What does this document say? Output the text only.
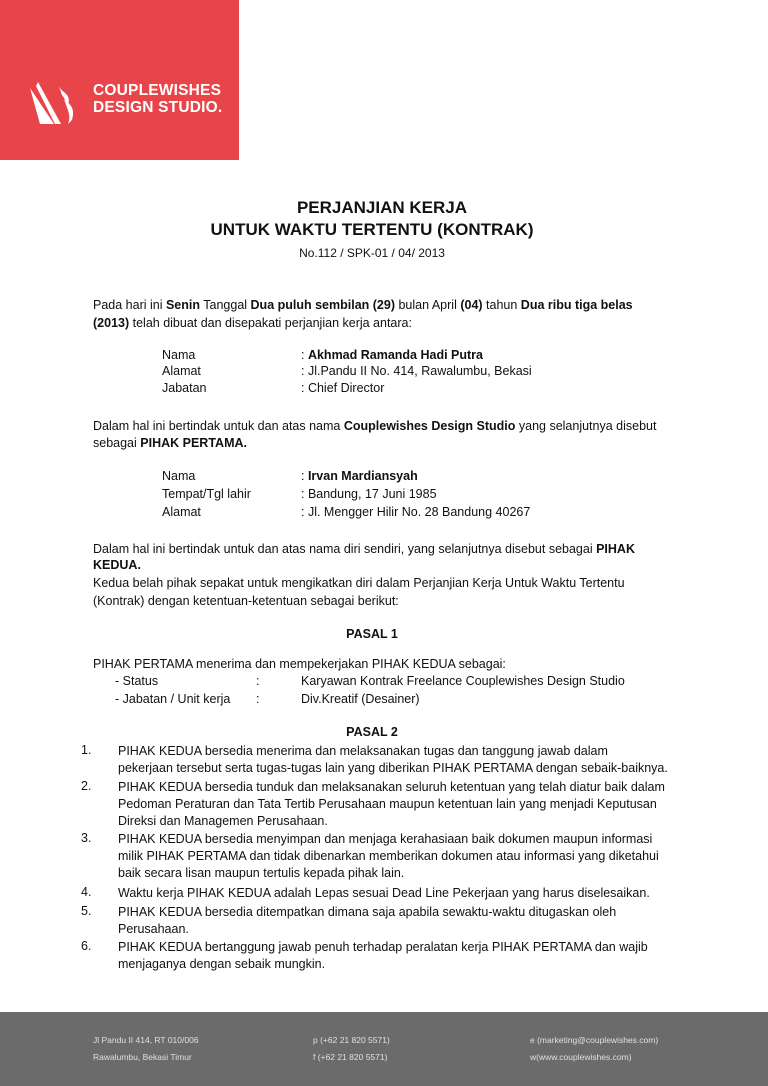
COUPLEWISHES
DESIGN STUDIO.
PERJANJIAN KERJA
UNTUK WAKTU TERTENTU (KONTRAK)
No.112 / SPK-01 / 04/ 2013
Pada hari ini Senin Tanggal Dua puluh sembilan (29) bulan April (04) tahun Dua ribu tiga belas
(2013) telah dibuat dan disepakati perjanjian kerja antara:
Nama	: Akhmad Ramanda Hadi Putra
Alamat	: Jl.Pandu II No. 414, Rawalumbu, Bekasi
Jabatan	: Chief Director
Dalam hal ini bertindak untuk dan atas nama Couplewishes Design Studio yang selanjutnya disebut
sebagai PIHAK PERTAMA.
Nama	: Irvan Mardiansyah
Tempat/Tgl lahir	: Bandung, 17 Juni 1985
Alamat	: Jl. Mengger Hilir No. 28 Bandung 40267
Dalam hal ini bertindak untuk dan atas nama diri sendiri, yang selanjutnya disebut sebagai PIHAK
KEDUA.
Kedua belah pihak sepakat untuk mengikatkan diri dalam Perjanjian Kerja Untuk Waktu Tertentu
(Kontrak) dengan ketentuan-ketentuan sebagai berikut:
PASAL 1
PIHAK PERTAMA menerima dan mempekerjakan PIHAK KEDUA sebagai:
- Status	:	Karyawan Kontrak Freelance Couplewishes Design Studio
- Jabatan / Unit kerja :	Div.Kreatif (Desainer)
PASAL 2
1. PIHAK KEDUA bersedia menerima dan melaksanakan tugas dan tanggung jawab dalam
pekerjaan tersebut serta tugas-tugas lain yang diberikan PIHAK PERTAMA dengan sebaik-baiknya.
2. PIHAK KEDUA bersedia tunduk dan melaksanakan seluruh ketentuan yang telah diatur baik dalam
Pedoman Peraturan dan Tata Tertib Perusahaan maupun ketentuan lain yang menjadi Keputusan
Direksi dan Managemen Perusahaan.
3. PIHAK KEDUA bersedia menyimpan dan menjaga kerahasiaan baik dokumen maupun informasi
milik PIHAK PERTAMA dan tidak dibenarkan memberikan dokumen atau informasi yang diketahui
baik secara lisan maupun tertulis kepada pihak lain.
4. Waktu kerja PIHAK KEDUA adalah Lepas sesuai Dead Line Pekerjaan yang harus diselesaikan.
5. PIHAK KEDUA bersedia ditempatkan dimana saja apabila sewaktu-waktu ditugaskan oleh
Perusahaan.
6. PIHAK KEDUA bertanggung jawab penuh terhadap peralatan kerja PIHAK PERTAMA dan wajib
menjaganya dengan sebaik mungkin.
Jl Pandu II 414, RT 010/006
Rawalumbu, Bekasi Timur
p (+62 21 820 5571)
f (+62 21 820 5571)
e (marketing@couplewishes.com)
w(www.couplewishes.com)
